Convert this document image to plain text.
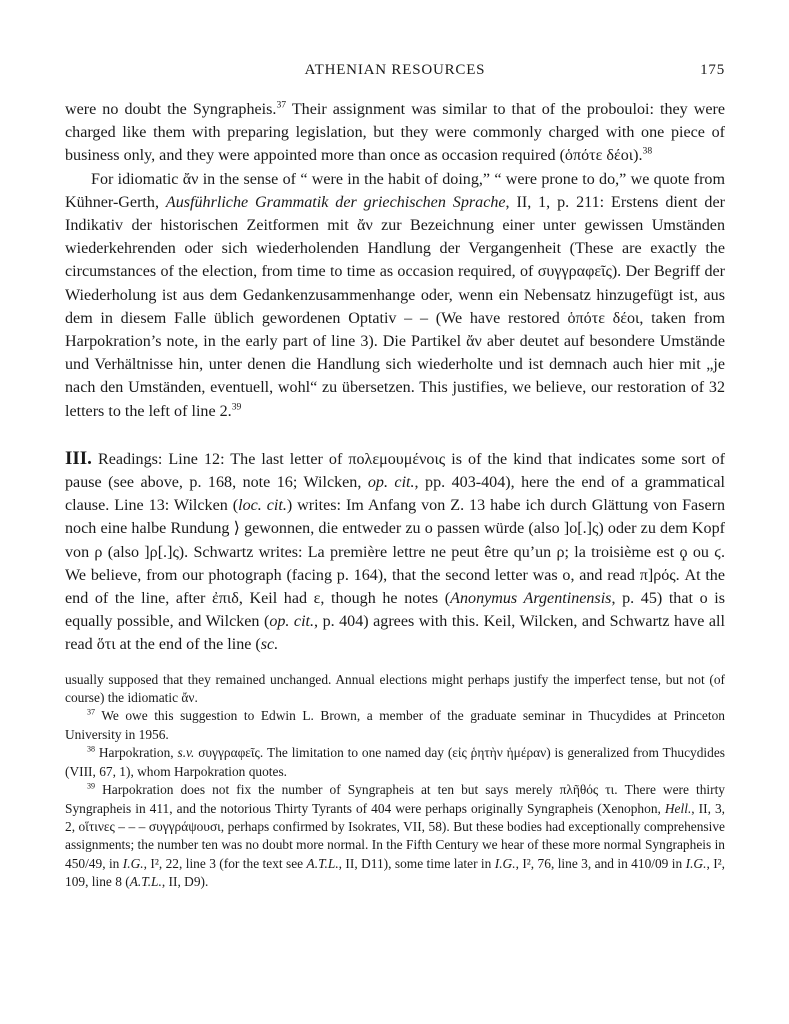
ATHENIAN RESOURCES	175

were no doubt the Syngrapheis.$^{37}$ Their assignment was similar to that of the probouloi: they were charged like them with preparing legislation, but they were commonly charged with one piece of business only, and they were appointed more than once as occasion required (ὁπότε δέοι).$^{38}$

For idiomatic ἄν in the sense of “ were in the habit of doing,” “ were prone to do,” we quote from Kühner-Gerth, Ausführliche Grammatik der griechischen Sprache, II, 1, p. 211: Erstens dient der Indikativ der historischen Zeitformen mit ἄν zur Bezeichnung einer unter gewissen Umständen wiederkehrenden oder sich wiederholenden Handlung der Vergangenheit (These are exactly the circumstances of the election, from time to time as occasion required, of συγγραφεῖς). Der Begriff der Wiederholung ist aus dem Gedankenzusammenhange oder, wenn ein Nebensatz hinzugefügt ist, aus dem in diesem Falle üblich gewordenen Optativ – – (We have restored ὁπότε δέοι, taken from Harpokration’s note, in the early part of line 3). Die Partikel ἄν aber deutet auf besondere Umstände und Verhältnisse hin, unter denen die Handlung sich wiederholte und ist demnach auch hier mit „je nach den Umständen, eventuell, wohl“ zu übersetzen. This justifies, we believe, our restoration of 32 letters to the left of line 2.39

III. Readings: Line 12: The last letter of πολεμουμένοις is of the kind that indicates some sort of pause (see above, p. 168, note 16; Wilcken, op. cit., pp. 403-404), here the end of a grammatical clause. Line 13: Wilcken (loc. cit.) writes: Im Anfang von Z. 13 habe ich durch Glättung von Fasern noch eine halbe Rundung ⟩ gewonnen, die entweder zu ο passen würde (also ]ο[.]ς) oder zu dem Kopf von ρ (also ]ρ[.]ς). Schwartz writes: La première lettre ne peut être qu’un ρ; la troisième est ϙ ou ϛ. We believe, from our photograph (facing p. 164), that the second letter was ο, and read π]ρός. At the end of the line, after ἐπιδ, Keil had ε, though he notes (Anonymus Argentinensis, p. 45) that ο is equally possible, and Wilcken (op. cit., p. 404) agrees with this. Keil, Wilcken, and Schwartz have all read ὅτι at the end of the line (sc.

usually supposed that they remained unchanged. Annual elections might perhaps justify the imperfect tense, but not (of course) the idiomatic ἄν.

$^{37}$ We owe this suggestion to Edwin L. Brown, a member of the graduate seminar in Thucydides at Princeton University in 1956.

$^{38}$ Harpokration, s.v. συγγραφεῖς. The limitation to one named day (εἰς ῥητὴν ἡμέραν) is generalized from Thucydides (VIII, 67, 1), whom Harpokration quotes.

$^{39}$ Harpokration does not fix the number of Syngrapheis at ten but says merely πλῆθός τι. There were thirty Syngrapheis in 411, and the notorious Thirty Tyrants of 404 were perhaps originally Syngrapheis (Xenophon, Hell., II, 3, 2, οἵτινες – – – συγγράψουσι, perhaps confirmed by Isokrates, VII, 58). But these bodies had exceptionally comprehensive assignments; the number ten was no doubt more normal. In the Fifth Century we hear of these more normal Syngrapheis in 450/49, in I.G., I², 22, line 3 (for the text see A.T.L., II, D11), some time later in I.G., I², 76, line 3, and in 410/09 in I.G., I², 109, line 8 (A.T.L., II, D9).
